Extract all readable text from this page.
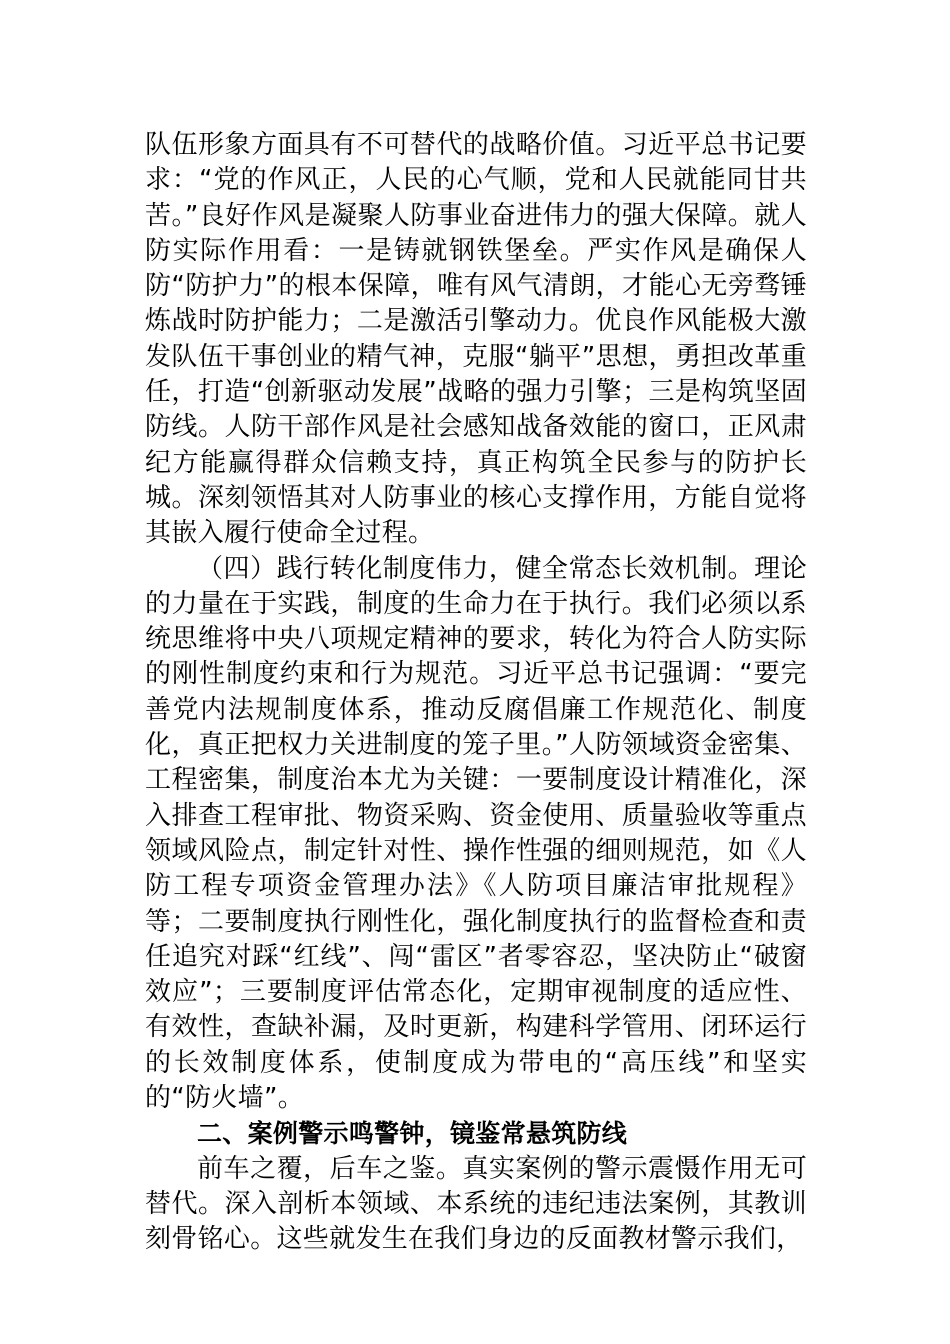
队伍形象方面具有不可替代的战略价值。习近平总书记要求：“党的作风正，人民的心气顺，党和人民就能同甘共苦。”良好作风是凝聚人防事业奋进伟力的强大保障。就人防实际作用看：一是铸就钢铁堡垒。严实作风是确保人防“防护力”的根本保障，唯有风气清朗，才能心无旁骛锤炼战时防护能力；二是激活引擎动力。优良作风能极大激发队伍干事创业的精气神，克服“躺平”思想，勇担改革重任，打造“创新驱动发展”战略的强力引擎；三是构筑坚固防线。人防干部作风是社会感知战备效能的窗口，正风肃纪方能赢得群众信赖支持，真正构筑全民参与的防护长城。深刻领悟其对人防事业的核心支撑作用，方能自觉将其嵌入履行使命全过程。

（四）践行转化制度伟力，健全常态长效机制。理论的力量在于实践，制度的生命力在于执行。我们必须以系统思维将中央八项规定精神的要求，转化为符合人防实际的刚性制度约束和行为规范。习近平总书记强调：“要完善党内法规制度体系，推动反腐倡廉工作规范化、制度化，真正把权力关进制度的笼子里。”人防领域资金密集、工程密集，制度治本尤为关键：一要制度设计精准化，深入排查工程审批、物资采购、资金使用、质量验收等重点领域风险点，制定针对性、操作性强的细则规范，如《人防工程专项资金管理办法》《人防项目廉洁审批规程》等；二要制度执行刚性化，强化制度执行的监督检查和责任追究对踩“红线”、闯“雷区”者零容忍，坚决防止“破窗效应”；三要制度评估常态化，定期审视制度的适应性、有效性，查缺补漏，及时更新，构建科学管用、闭环运行的长效制度体系，使制度成为带电的“高压线”和坚实的“防火墙”。

二、案例警示鸣警钟，镜鉴常悬筑防线

前车之覆，后车之鉴。真实案例的警示震慑作用无可替代。深入剖析本领域、本系统的违纪违法案例，其教训刻骨铭心。这些就发生在我们身边的反面教材警示我们，
